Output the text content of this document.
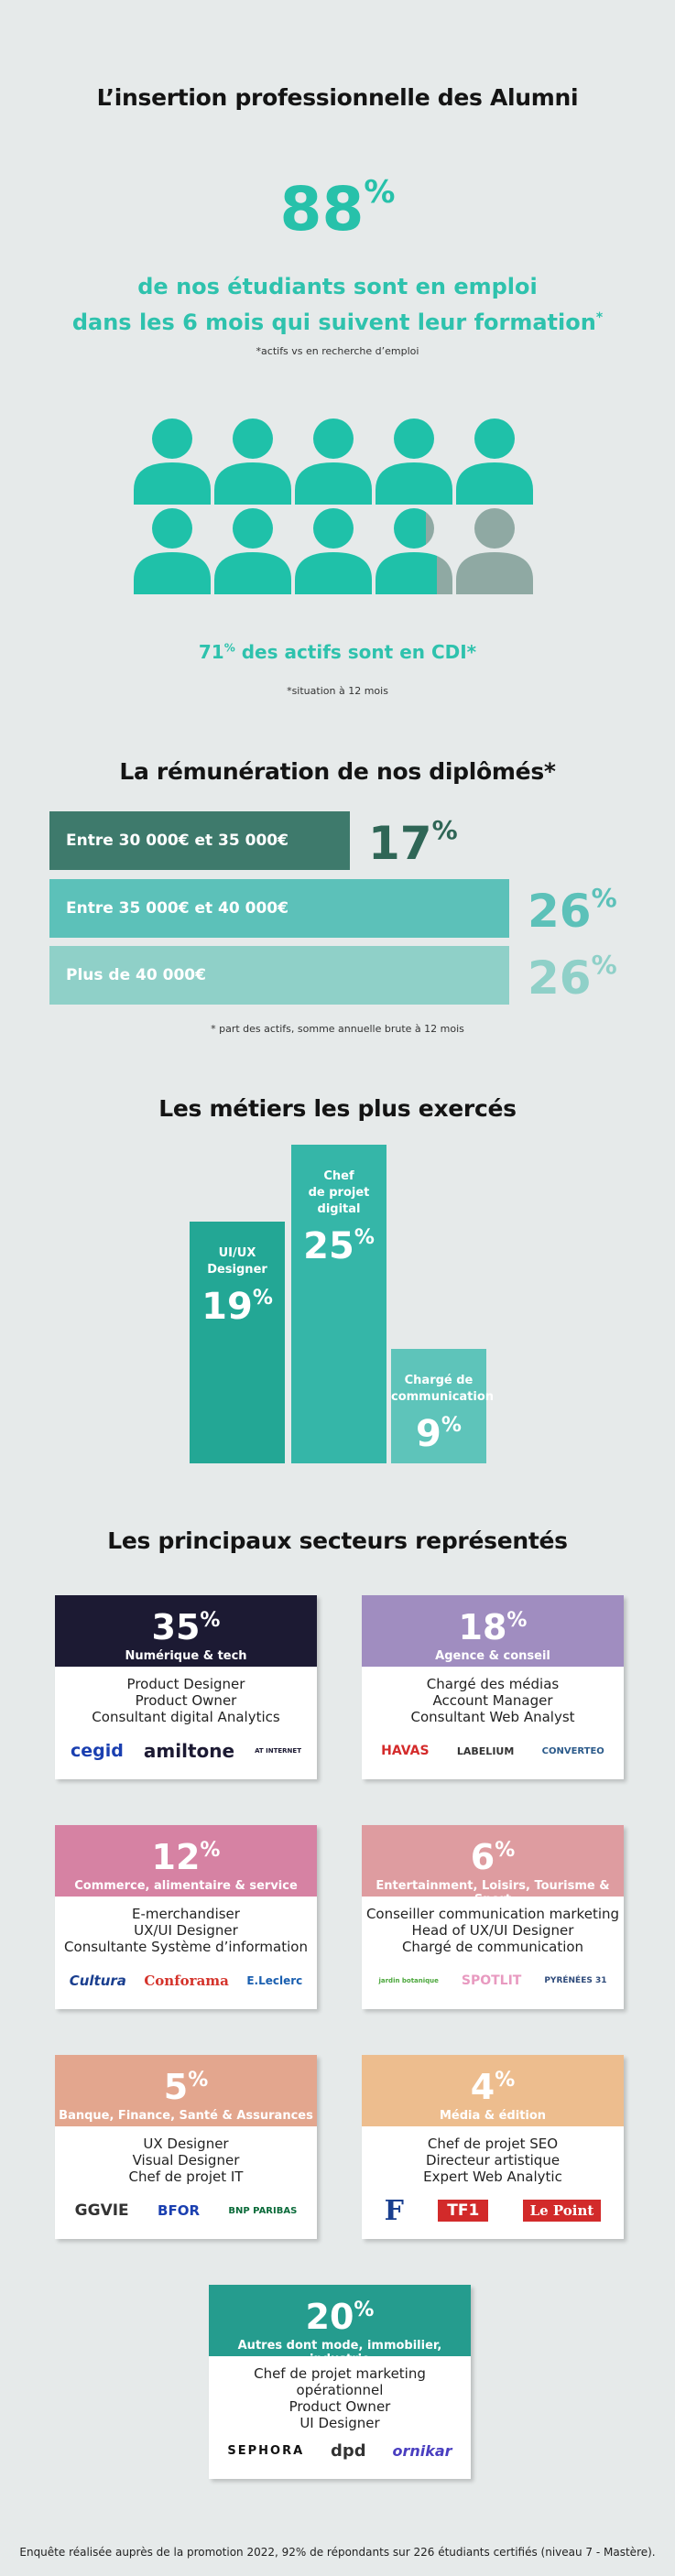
L’insertion professionnelle des Alumni
88%
de nos étudiants sont en emploi
dans les 6 mois qui suivent leur formation*
*actifs vs en recherche d’emploi
71% des actifs sont en CDI*
*situation à 12 mois
La rémunération de nos diplômés*
Entre 30 000€ et 35 000€ 17%
Entre 35 000€ et 40 000€	26%
Plus de 40 000€	26%
* part des actifs, somme annuelle brute à 12 mois
Les métiers les plus exercés
UI/UX
Designer
19%
Chef
de projet
digital
25%
Chargé de
communication
9%
Les principaux secteurs représentés
35%
Numérique & tech
Product Designer
Product Owner
Consultant digital Analytics
cegid amiltone	AT INTERNET
18%
Agence & conseil
Chargé des médias
Account Manager
Consultant Web Analyst
HAVAS	LABELIUM	CONVERTEO
12%
Commerce, alimentaire & service
E-merchandiser
UX/UI Designer
Consultante Système d’information
Cultura Conforama E.Leclerc
6%
Entertainment, Loisirs, Tourisme & Sport
Conseiller communication marketing
Head of UX/UI Designer
Chargé de communication
jardin botanique SPOTLIT	PYRÉNÉES 31
5%
Banque, Finance, Santé & Assurances
UX Designer
Visual Designer
Chef de projet IT
GGVIE BFOR	BNP PARIBAS
4%
Média & édition
Chef de projet SEO
Directeur artistique
Expert Web Analytic
F	TF1	Le Point
20%
Autres dont mode, immobilier, industrie
Chef de projet marketing opérationnel
Product Owner
UI Designer
SEPHORA dpd ornikar
Enquête réalisée auprès de la promotion 2022, 92% de répondants sur 226 étudiants certifiés (niveau 7 - Mastère).
